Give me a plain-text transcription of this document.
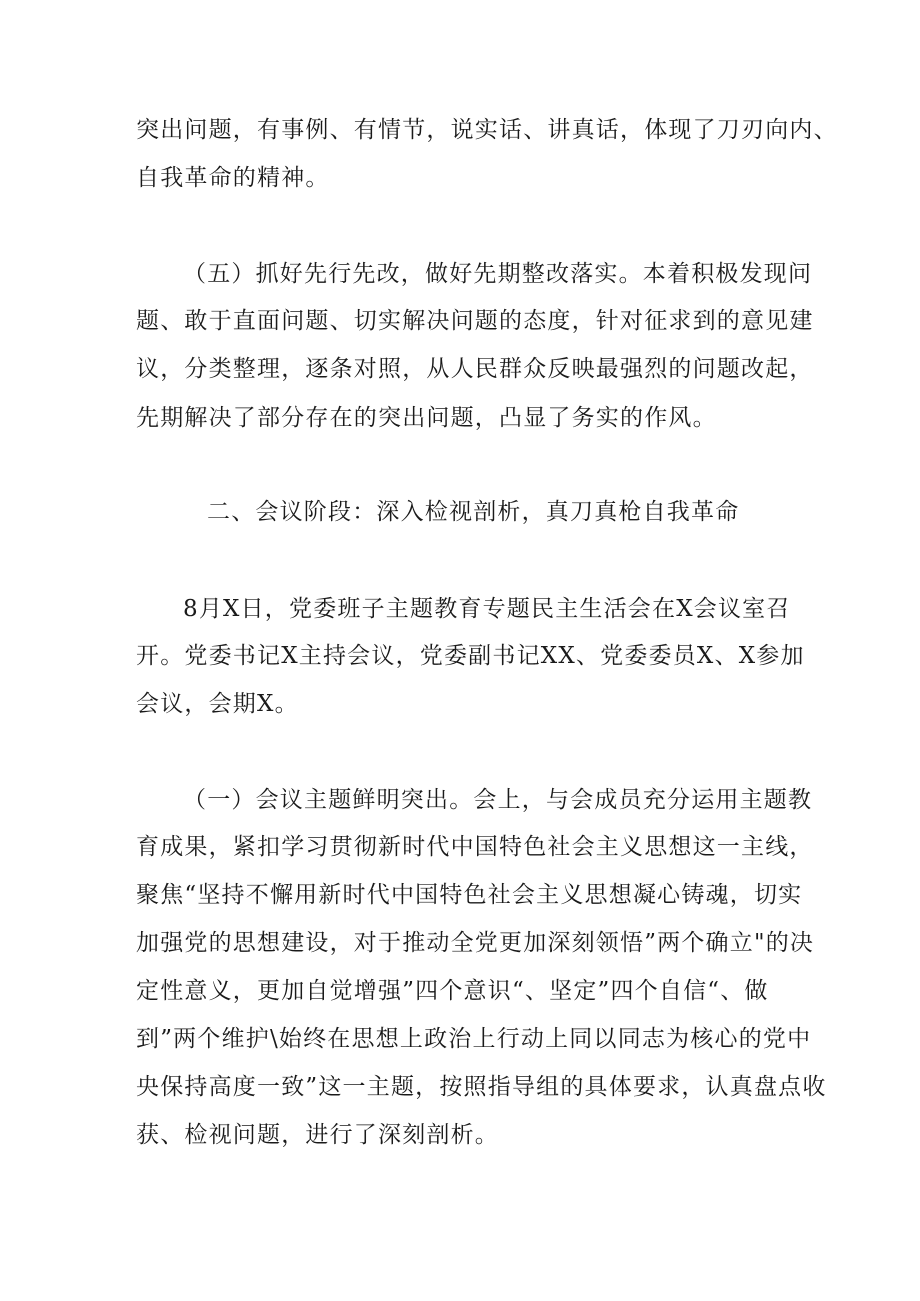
突出问题，有事例、有情节，说实话、讲真话，体现了刀刃向内、
自我革命的精神。
（五）抓好先行先改，做好先期整改落实。本着积极发现问
题、敢于直面问题、切实解决问题的态度，针对征求到的意见建
议，分类整理，逐条对照，从人民群众反映最强烈的问题改起，
先期解决了部分存在的突出问题，凸显了务实的作风。
二、会议阶段：深入检视剖析，真刀真枪自我革命
8月X日，党委班子主题教育专题民主生活会在X会议室召
开。党委书记X主持会议，党委副书记XX、党委委员X、X参加
会议，会期X。
（一）会议主题鲜明突出。会上，与会成员充分运用主题教
育成果，紧扣学习贯彻新时代中国特色社会主义思想这一主线，
聚焦“坚持不懈用新时代中国特色社会主义思想凝心铸魂，切实
加强党的思想建设，对于推动全党更加深刻领悟”两个确立"的决
定性意义，更加自觉增强”四个意识“、坚定”四个自信“、做
到”两个维护\始终在思想上政治上行动上同以同志为核心的党中
央保持高度一致”这一主题，按照指导组的具体要求，认真盘点收
获、检视问题，进行了深刻剖析。
